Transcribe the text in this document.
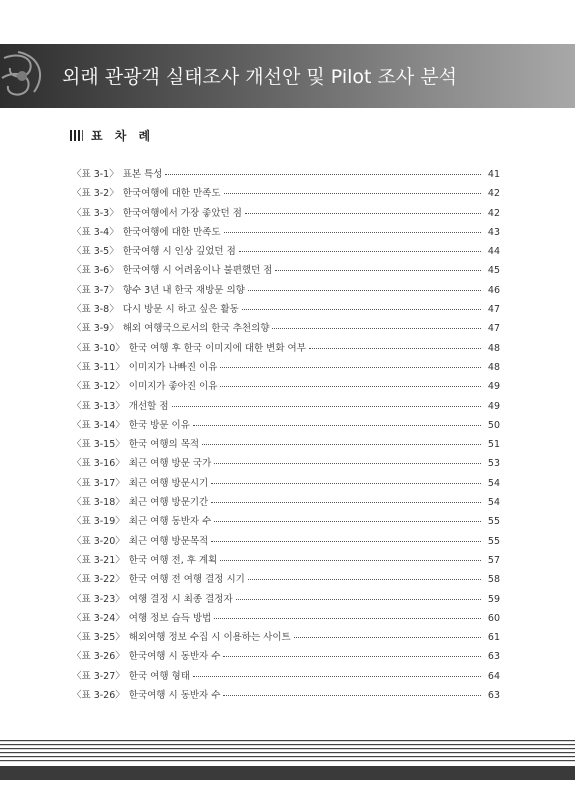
외래 관광객 실태조사 개선안 및 Pilot 조사 분석
표 차 례
〈표 3-1〉 표본 특성	41
〈표 3-2〉 한국여행에 대한 만족도	42
〈표 3-3〉 한국여행에서 가장 좋았던 점	42
〈표 3-4〉 한국여행에 대한 만족도	43
〈표 3-5〉 한국여행 시 인상 깊었던 점	44
〈표 3-6〉 한국여행 시 어려움이나 불편했던 점	45
〈표 3-7〉 향수 3년 내 한국 재방문 의향	46
〈표 3-8〉 다시 방문 시 하고 싶은 활동	47
〈표 3-9〉 해외 여행국으로서의 한국 추천의향	47
〈표 3-10〉 한국 여행 후 한국 이미지에 대한 변화 여부	48
〈표 3-11〉 이미지가 나빠진 이유	48
〈표 3-12〉 이미지가 좋아진 이유	49
〈표 3-13〉 개선할 점	49
〈표 3-14〉 한국 방문 이유	50
〈표 3-15〉 한국 여행의 목적	51
〈표 3-16〉 최근 여행 방문 국가	53
〈표 3-17〉 최근 여행 방문시기	54
〈표 3-18〉 최근 여행 방문기간	54
〈표 3-19〉 최근 여행 동반자 수	55
〈표 3-20〉 최근 여행 방문목적	55
〈표 3-21〉 한국 여행 전, 후 계획	57
〈표 3-22〉 한국 여행 전 여행 결정 시기	58
〈표 3-23〉 여행 결정 시 최종 결정자	59
〈표 3-24〉 여행 정보 습득 방법	60
〈표 3-25〉 해외여행 정보 수집 시 이용하는 사이트	61
〈표 3-26〉 한국여행 시 동반자 수	63
〈표 3-27〉 한국 여행 형태	64
〈표 3-26〉 한국여행 시 동반자 수	63
